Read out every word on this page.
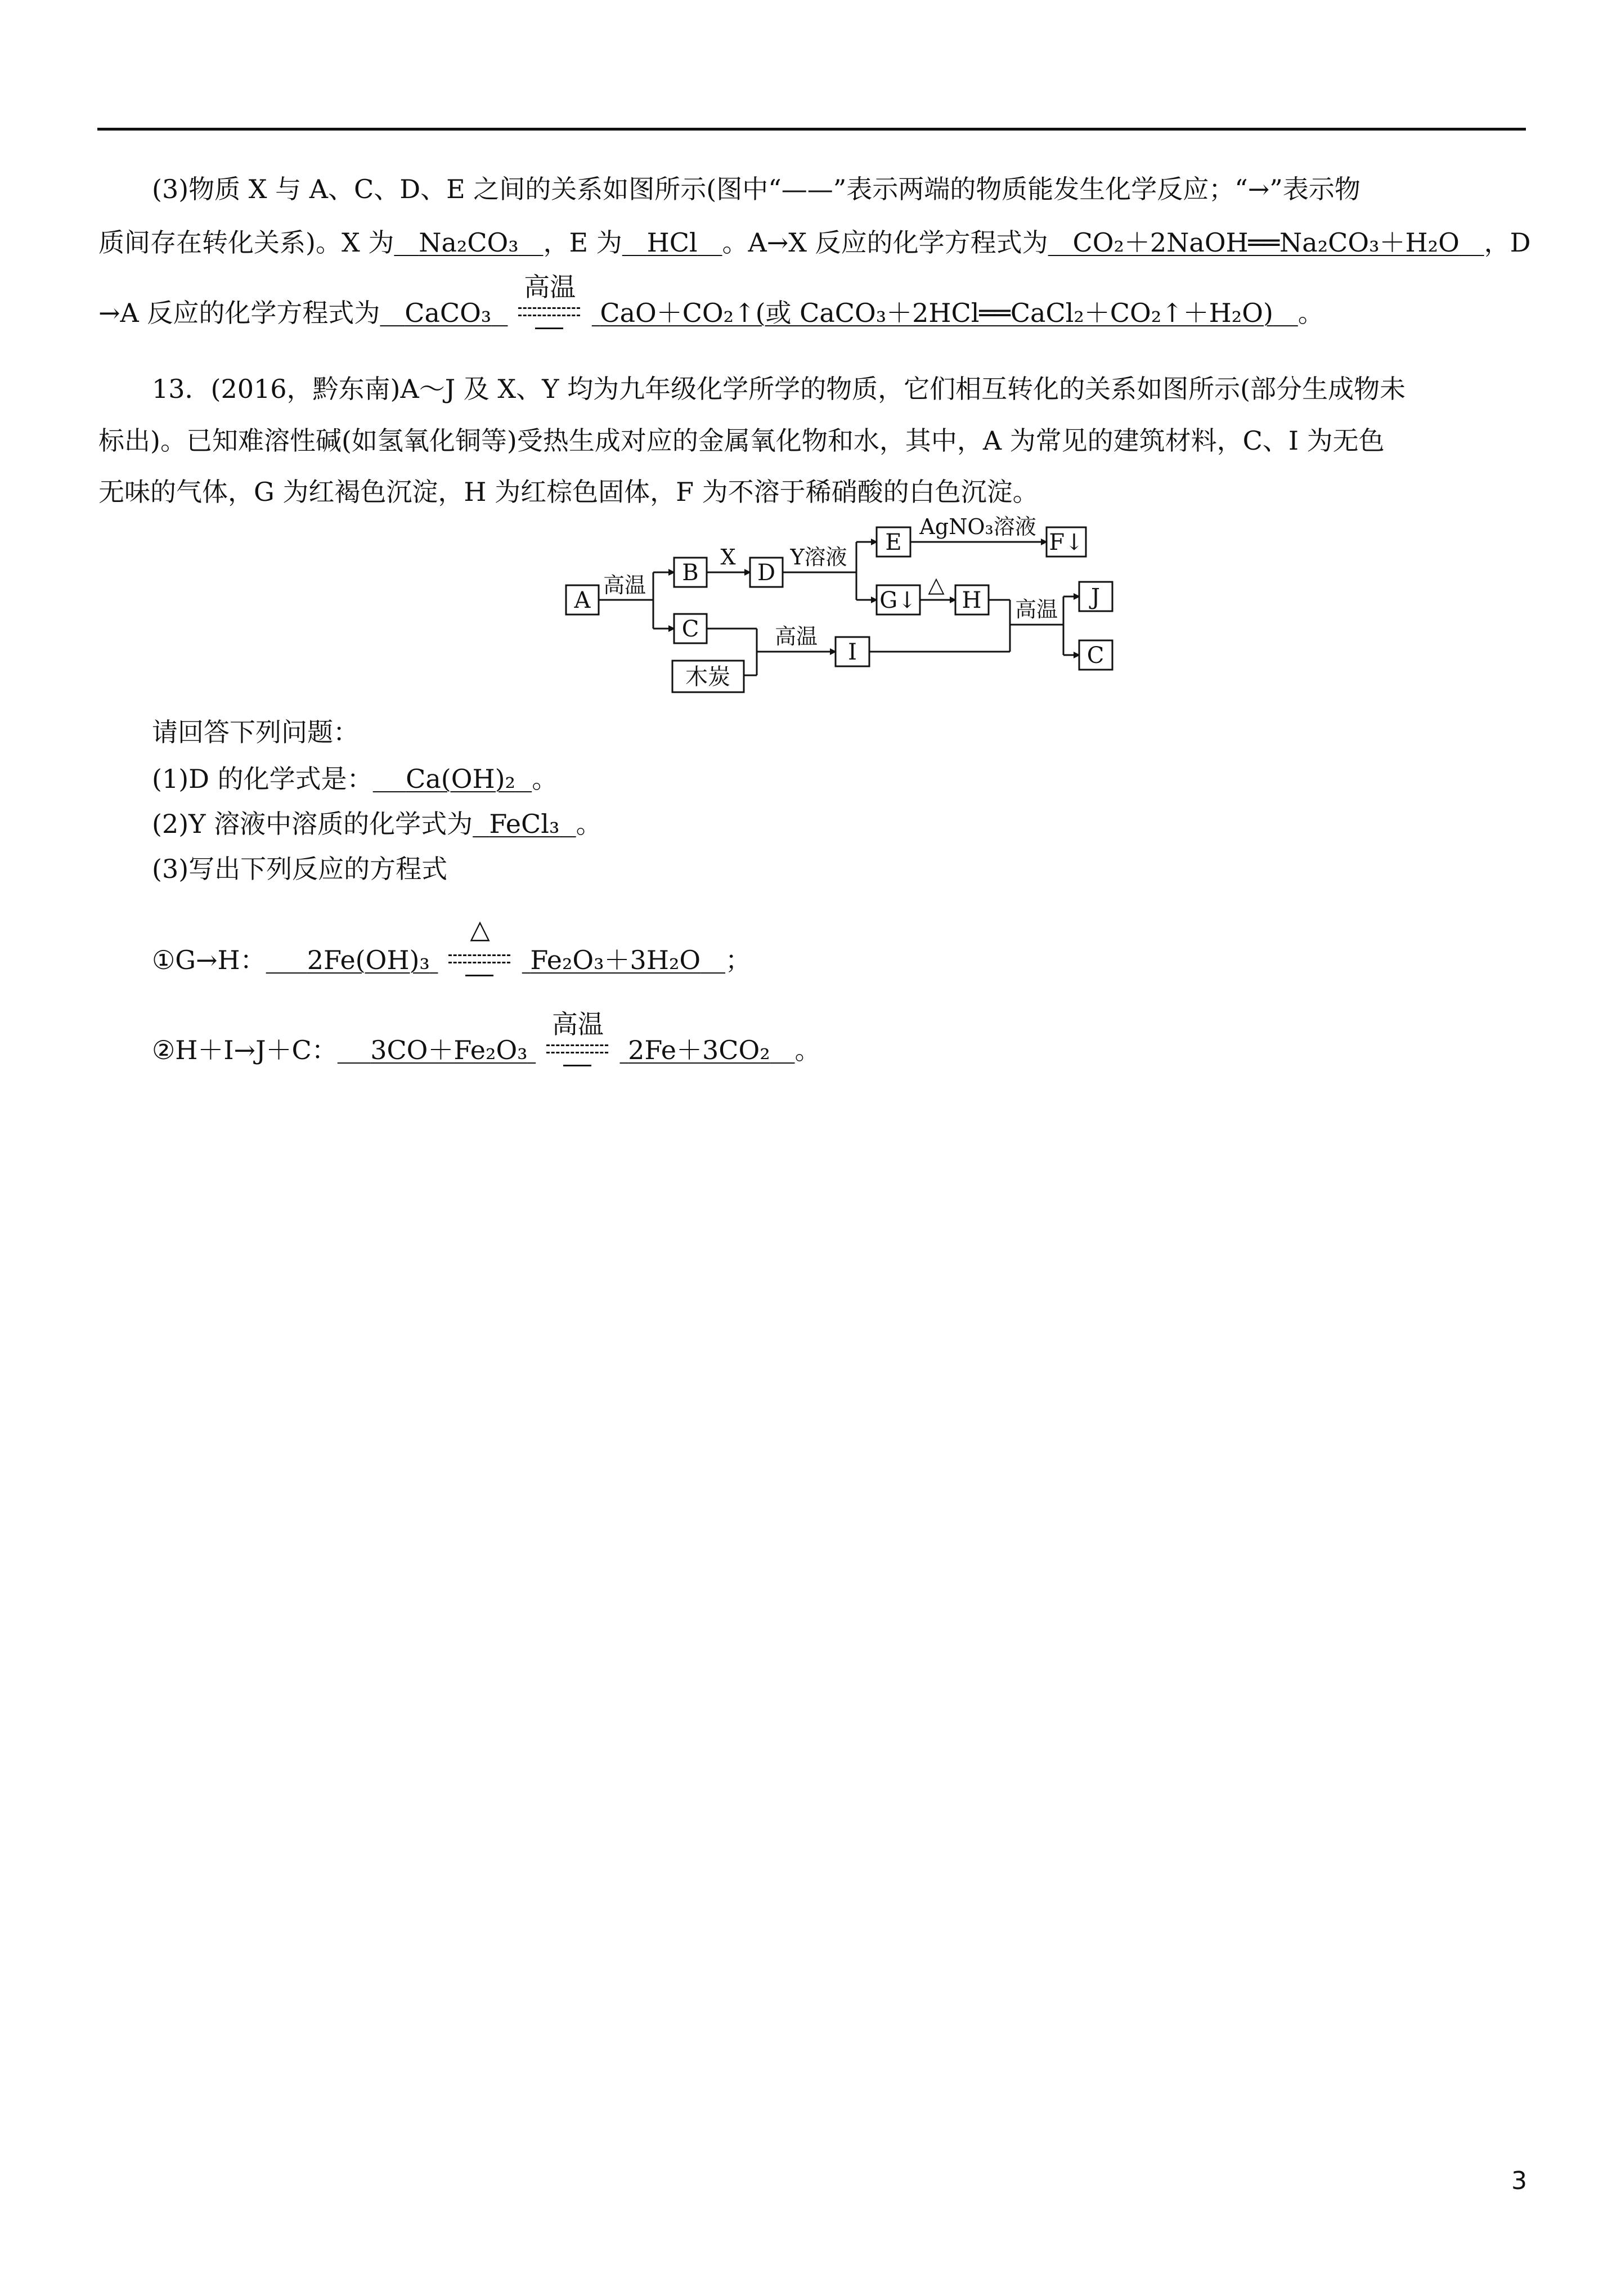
(3)物质 X 与 A、C、D、E 之间的关系如图所示(图中“——”表示两端的物质能发生化学反应；“→”表示物
质间存在转化关系)。X 为 Na₂CO₃ ，E 为 HCl 。A→X 反应的化学方程式为 CO₂＋2NaOH══Na₂CO₃＋H₂O ，D
→A 反应的化学方程式为 CaCO₃
高温
CaO＋CO₂↑(或 CaCO₃＋2HCl══CaCl₂＋CO₂↑＋H₂O) 。
13．(2016，黔东南)A～J 及 X、Y 均为九年级化学所学的物质，它们相互转化的关系如图所示(部分生成物未
标出)。已知难溶性碱(如氢氧化铜等)受热生成对应的金属氧化物和水，其中，A 为常见的建筑材料，C、I 为无色
无味的气体，G 为红褐色沉淀，H 为红棕色固体，F 为不溶于稀硝酸的白色沉淀。
A
B
C
木炭
D
E	F↓
G↓ H
I
J
C
高温
X	Y溶液
AgNO₃溶液
△
高温
高温
请回答下列问题：
(1)D 的化学式是： Ca(OH)₂ 。
(2)Y 溶液中溶质的化学式为 FeCl₃ 。
(3)写出下列反应的方程式
①G→H： 2Fe(OH)₃
△
Fe₂O₃＋3H₂O ；
②H＋I→J＋C： 3CO＋Fe₂O₃
高温
2Fe＋3CO₂ 。
3
